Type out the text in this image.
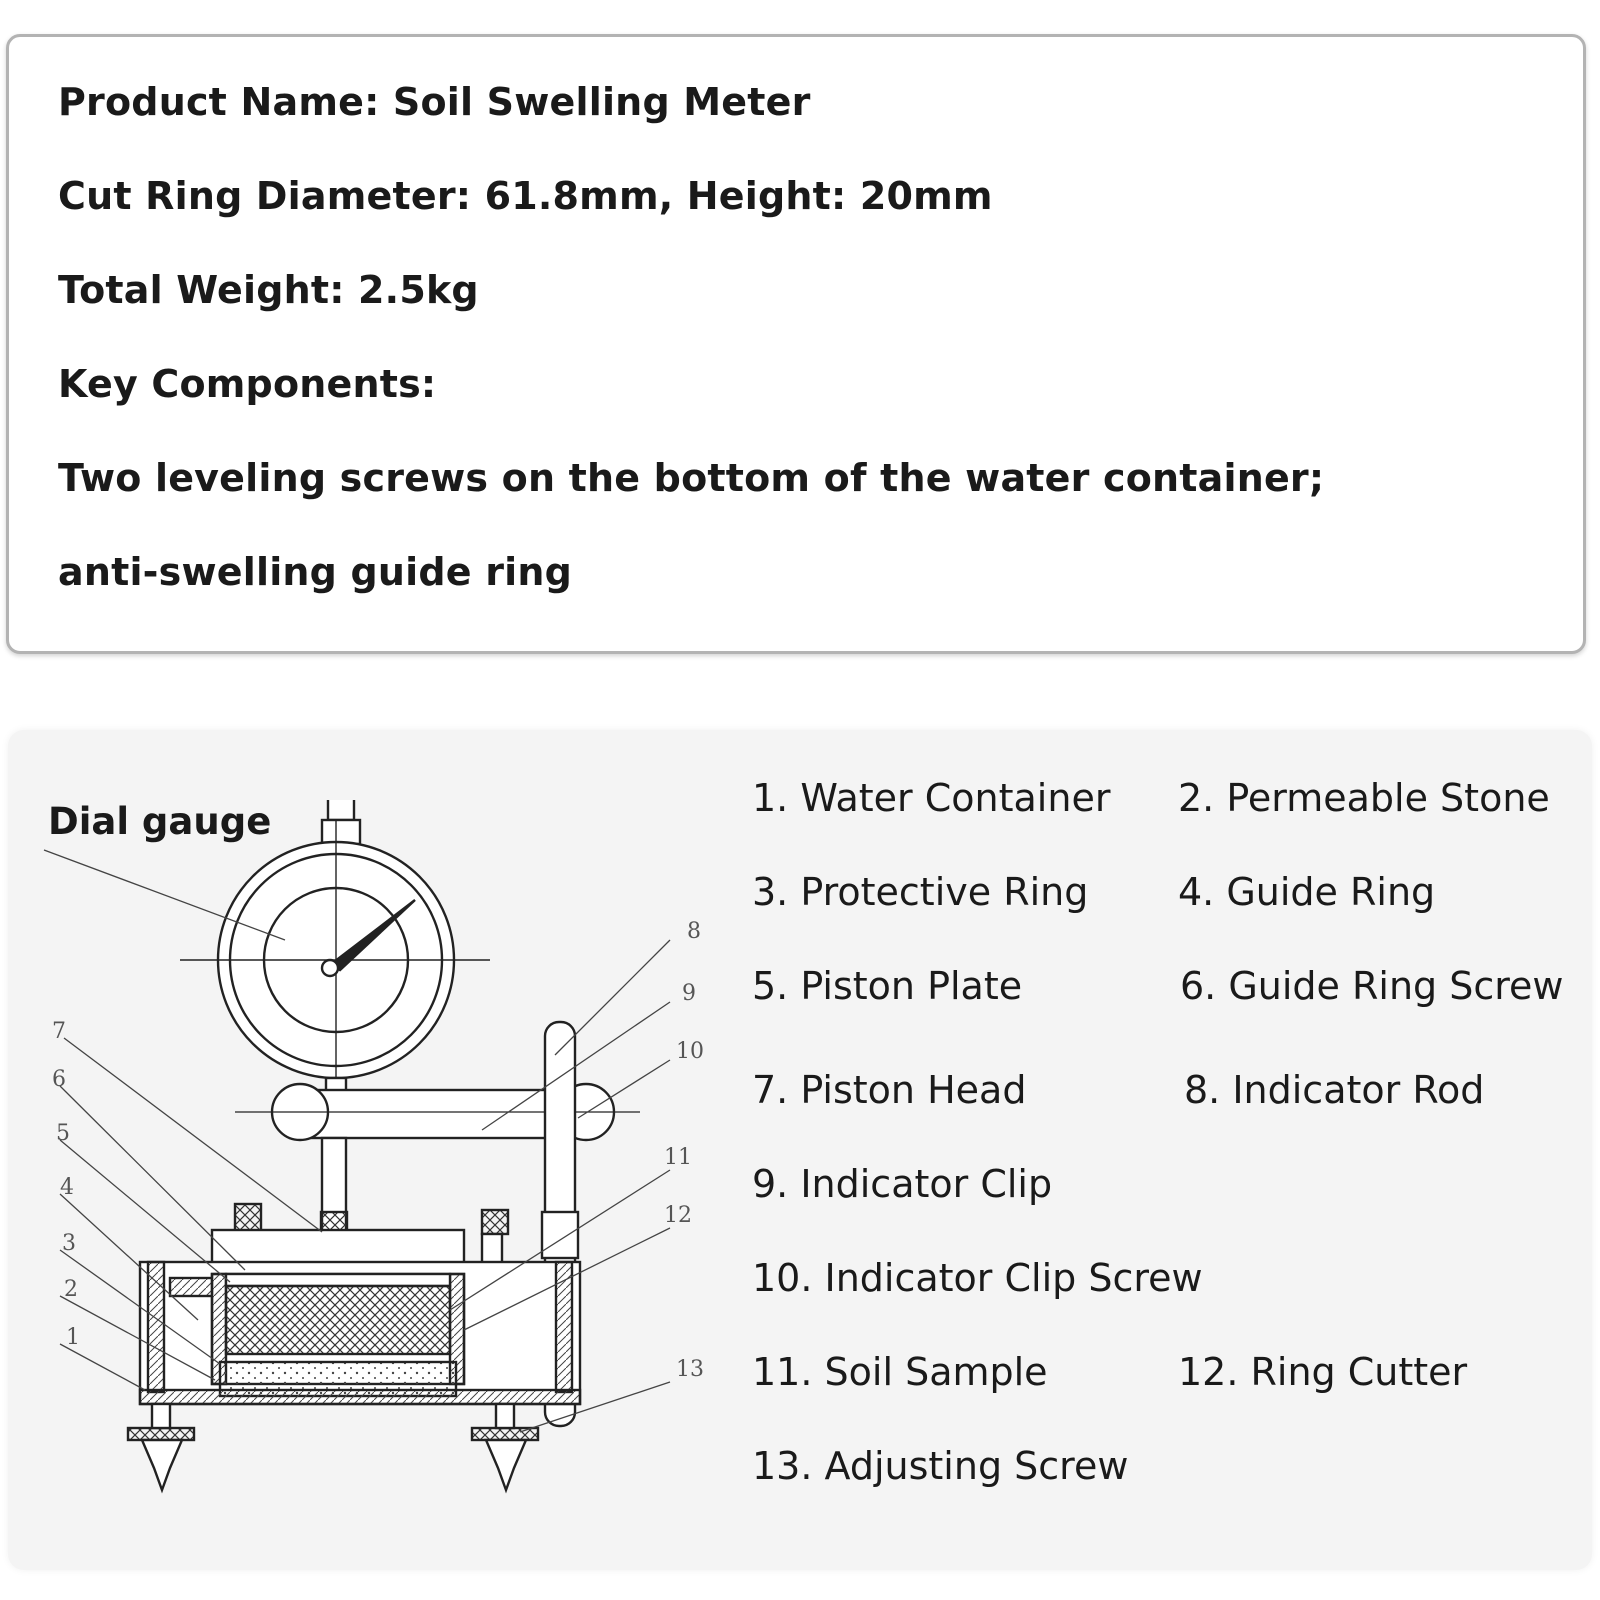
Product Name: Soil Swelling Meter
Cut Ring Diameter: 61.8mm, Height: 20mm
Total Weight: 2.5kg
Key Components:
Two leveling screws on the bottom of the water container;
anti-swelling guide ring
8
9
10
11
12
13
7
6
5
4
3
2
1
Dial gauge
1. Water Container 2. Permeable Stone
3. Protective Ring 4. Guide Ring
5. Piston Plate	6. Guide Ring Screw
7. Piston Head	8. Indicator Rod
9. Indicator Clip
10. Indicator Clip Screw
11. Soil Sample	12. Ring Cutter
13. Adjusting Screw
